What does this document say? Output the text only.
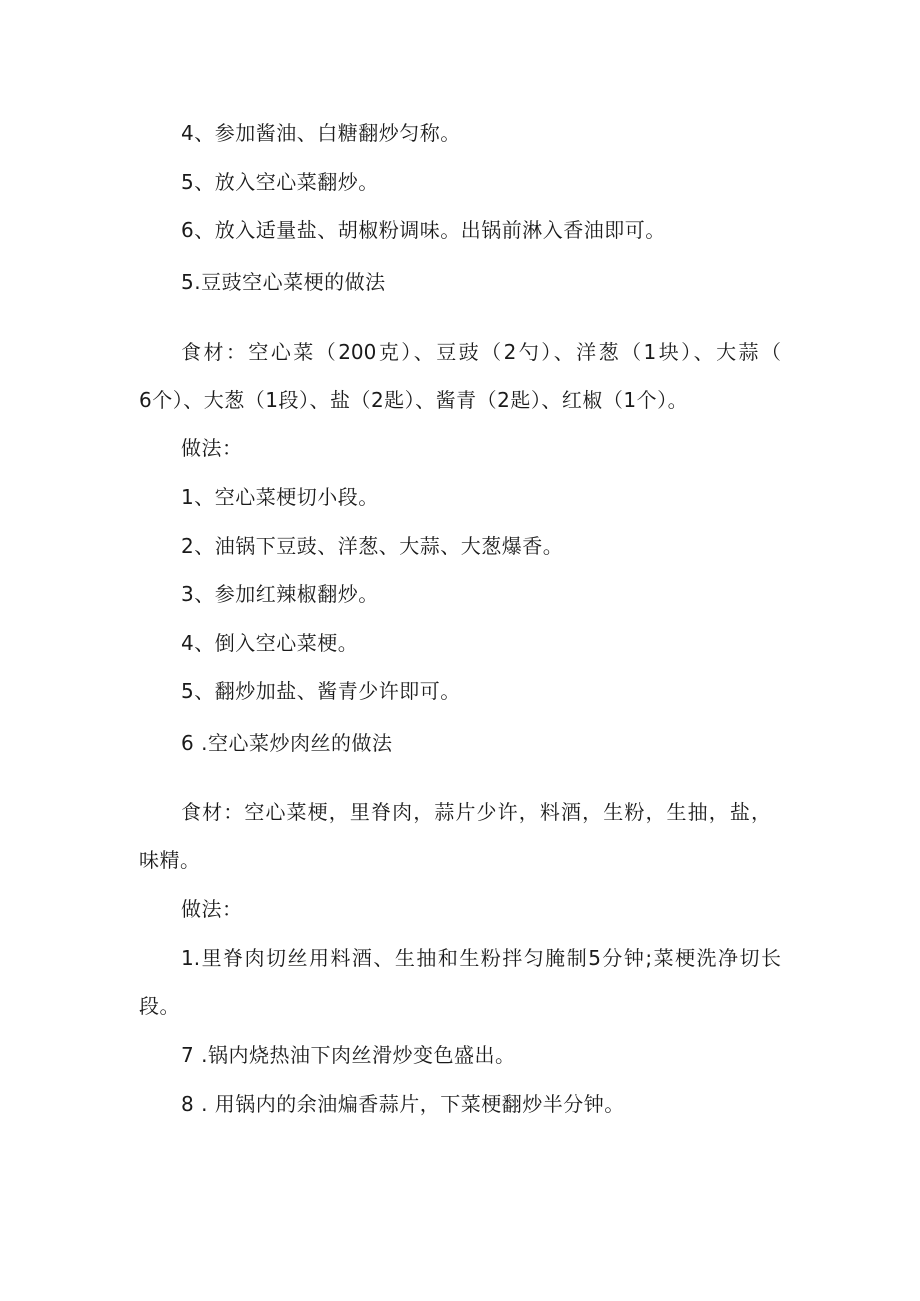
4、参加酱油、白糖翻炒匀称。

5、放入空心菜翻炒。

6、放入适量盐、胡椒粉调味。出锅前淋入香油即可。

5.豆豉空心菜梗的做法

食材：空心菜（200克）、豆豉（2勺）、洋葱（1块）、大蒜（

6个）、大葱（1段）、盐（2匙）、酱青（2匙）、红椒（1个）。

做法：

1、空心菜梗切小段。

2、油锅下豆豉、洋葱、大蒜、大葱爆香。

3、参加红辣椒翻炒。

4、倒入空心菜梗。

5、翻炒加盐、酱青少许即可。

6 .空心菜炒肉丝的做法

食材：空心菜梗，里脊肉，蒜片少许，料酒，生粉，生抽，盐，

味精。

做法：

1.里脊肉切丝用料酒、生抽和生粉拌匀腌制5分钟;菜梗洗净切长

段。

7 .锅内烧热油下肉丝滑炒变色盛出。

8 . 用锅内的余油煸香蒜片，下菜梗翻炒半分钟。
